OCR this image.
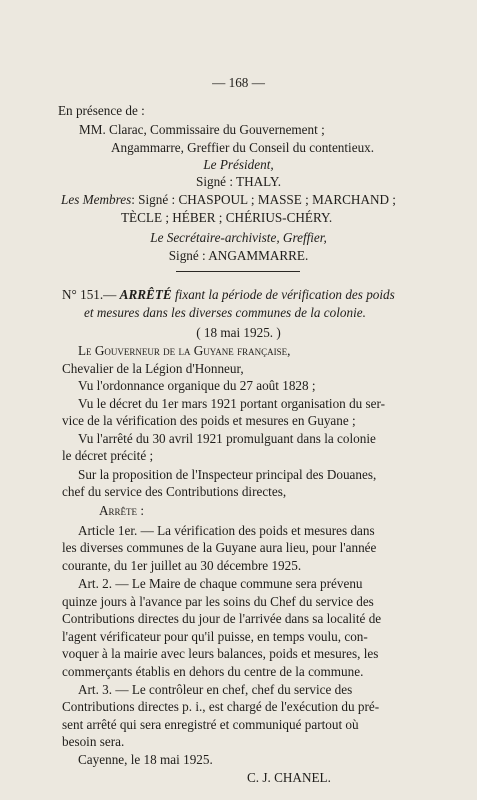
— 168 —
En présence de :
MM. Clarac, Commissaire du Gouvernement ;
Angammarre, Greffier du Conseil du contentieux.
Le Président,
Signé : THALY.
Les Membres: Signé : CHASPOUL ; MASSE ; MARCHAND ;
TÈCLE ; HÉBER ; CHÉRIUS-CHÉRY.
Le Secrétaire-archiviste, Greffier,
Signé : ANGAMMARRE.
N° 151.— ARRÊTÉ fixant la période de vérification des poids
et mesures dans les diverses communes de la colonie.
( 18 mai 1925. )
Le Gouverneur de la Guyane française,
Chevalier de la Légion d'Honneur,
Vu l'ordonnance organique du 27 août 1828 ;
Vu le décret du 1er mars 1921 portant organisation du ser-
vice de la vérification des poids et mesures en Guyane ;
Vu l'arrêté du 30 avril 1921 promulguant dans la colonie
le décret précité ;
Sur la proposition de l'Inspecteur principal des Douanes,
chef du service des Contributions directes,
Arrête :
Article 1er. — La vérification des poids et mesures dans
les diverses communes de la Guyane aura lieu, pour l'année
courante, du 1er juillet au 30 décembre 1925.
Art. 2. — Le Maire de chaque commune sera prévenu
quinze jours à l'avance par les soins du Chef du service des
Contributions directes du jour de l'arrivée dans sa localité de
l'agent vérificateur pour qu'il puisse, en temps voulu, con-
voquer à la mairie avec leurs balances, poids et mesures, les
commerçants établis en dehors du centre de la commune.
Art. 3. — Le contrôleur en chef, chef du service des
Contributions directes p. i., est chargé de l'exécution du pré-
sent arrêté qui sera enregistré et communiqué partout où
besoin sera.
Cayenne, le 18 mai 1925.
C. J. CHANEL.
